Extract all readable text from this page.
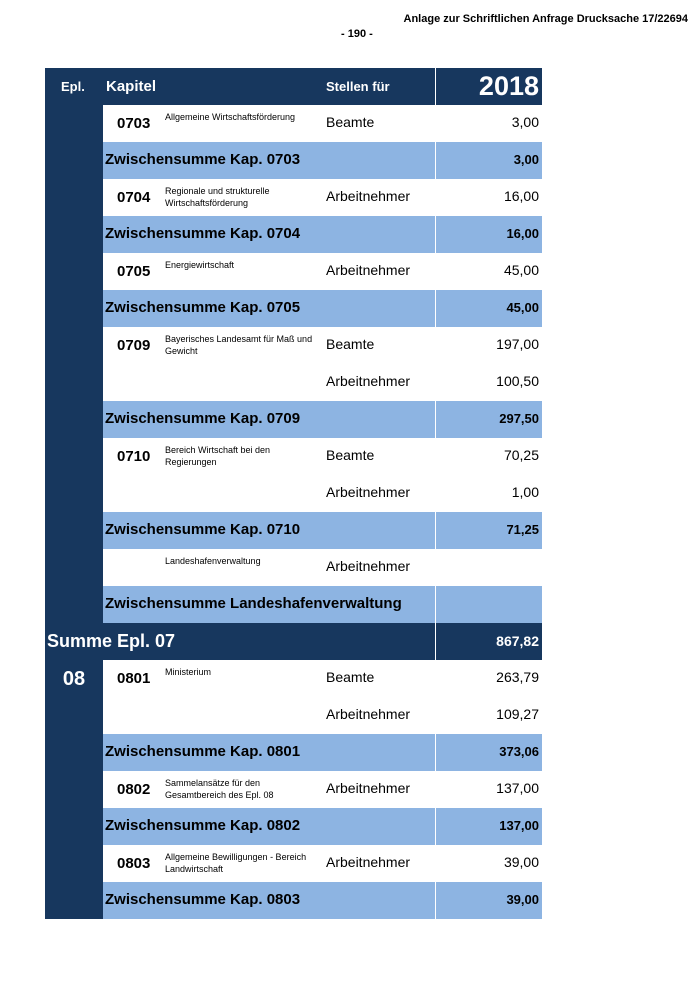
Anlage zur Schriftlichen Anfrage Drucksache 17/22694
- 190 -
Epl. Kapitel	Stellen für	2018
0703 Allgemeine Wirtschaftsförderung	Beamte	3,00
Zwischensumme Kap. 0703	3,00
0704 Regionale und strukturelle Wirtschaftsförderung	Arbeitnehmer	16,00
Zwischensumme Kap. 0704	16,00
0705 Energiewirtschaft	Arbeitnehmer	45,00
Zwischensumme Kap. 0705	45,00
0709 Bayerisches Landesamt für Maß und Gewicht	Beamte	197,00
Arbeitnehmer	100,50
Zwischensumme Kap. 0709	297,50
0710 Bereich Wirtschaft bei den Regierungen	Beamte	70,25
Arbeitnehmer	1,00
Zwischensumme Kap. 0710	71,25
Landeshafenverwaltung	Arbeitnehmer
Zwischensumme Landeshafenverwaltung
Summe Epl. 07	867,82
08	0801 Ministerium	Beamte	263,79
Arbeitnehmer	109,27
Zwischensumme Kap. 0801	373,06
0802 Sammelansätze für den Gesamtbereich des Epl. 08	Arbeitnehmer	137,00
Zwischensumme Kap. 0802	137,00
0803 Allgemeine Bewilligungen - Bereich Landwirtschaft	Arbeitnehmer	39,00
Zwischensumme Kap. 0803	39,00
